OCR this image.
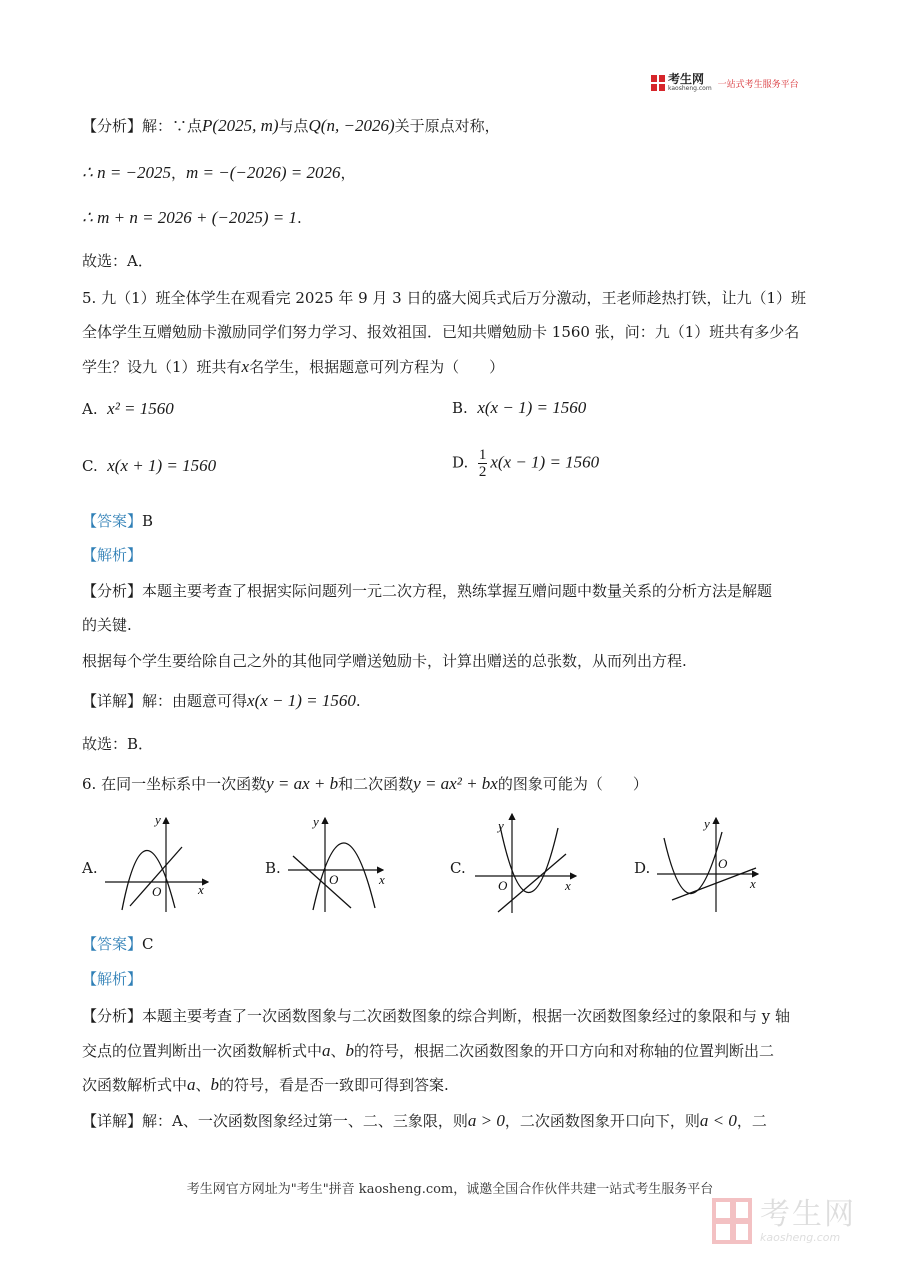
考生网
kaosheng.com 一站式考生服务平台
【分析】解：∵点P(2025, m)与点Q(n, −2026)关于原点对称，
∴ n = −2025，m = −(−2026) = 2026，
∴ m + n = 2026 + (−2025) = 1.
故选：A．
5. 九（1）班全体学生在观看完 2025 年 9 月 3 日的盛大阅兵式后万分激动，王老师趁热打铁，让九（1）班
全体学生互赠勉励卡激励同学们努力学习、报效祖国．已知共赠勉励卡 1560 张，问：九（1）班共有多少名
学生？设九（1）班共有x名学生，根据题意可列方程为（　　）
A. x² = 1560	B. x(x − 1) = 1560
C. x(x + 1) = 1560	D. $\frac{1}{2} x(x - 1) = 1560$
【答案】B
【解析】
【分析】本题主要考查了根据实际问题列一元二次方程，熟练掌握互赠问题中数量关系的分析方法是解题
的关键.
根据每个学生要给除自己之外的其他同学赠送勉励卡，计算出赠送的总张数，从而列出方程.
【详解】解：由题意可得x(x − 1) = 1560.
故选：B．
6. 在同一坐标系中一次函数y = ax + b和二次函数y = ax² + bx的图象可能为（　　）
A.	B.	C.	D.
y
x
O
y
x
O
y
x
O
y
x
O
【答案】C
【解析】
【分析】本题主要考查了一次函数图象与二次函数图象的综合判断，根据一次函数图象经过的象限和与 y 轴
交点的位置判断出一次函数解析式中a、b的符号，根据二次函数图象的开口方向和对称轴的位置判断出二
次函数解析式中a、b的符号，看是否一致即可得到答案.
【详解】解：A、一次函数图象经过第一、二、三象限，则a > 0，二次函数图象开口向下，则a < 0，二
考生网官方网址为"考生"拼音 kaosheng.com，诚邀全国合作伙伴共建一站式考生服务平台
考生网
kaosheng.com
